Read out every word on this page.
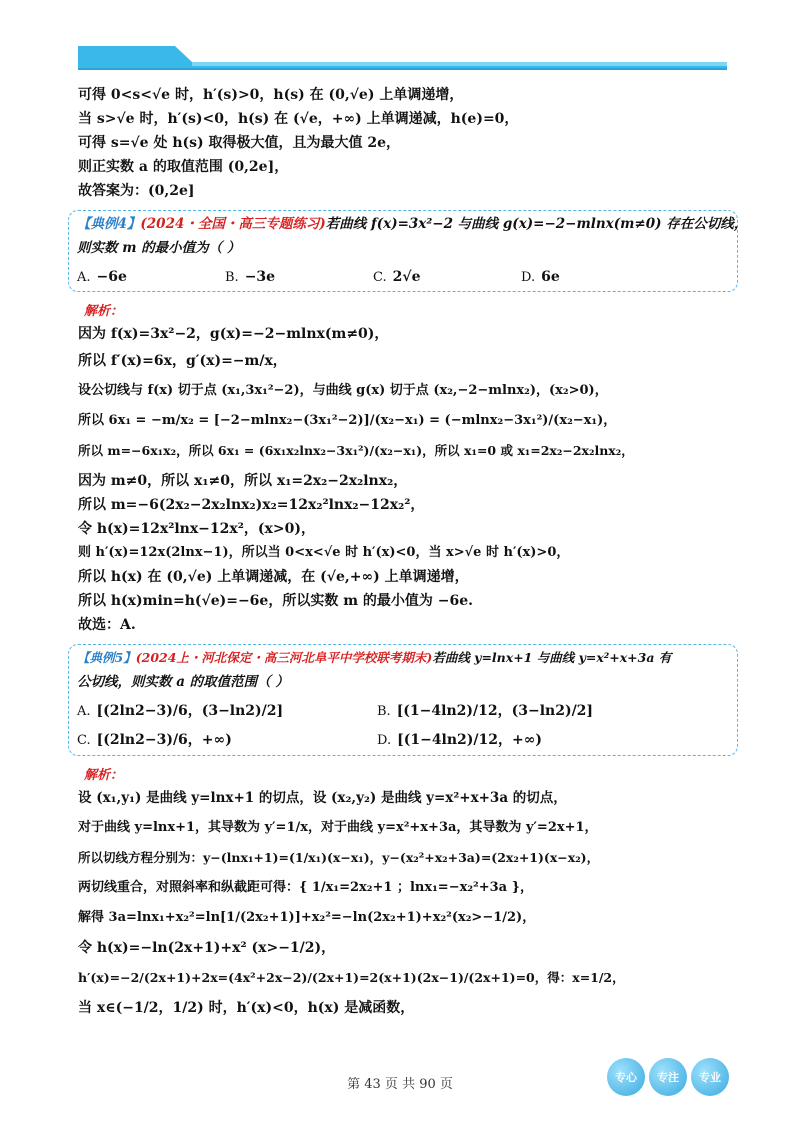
可得 0<s<√e 时，h′(s)>0，h(s) 在 (0,√e) 上单调递增，

当 s>√e 时，h′(s)<0，h(s) 在 (√e，+∞) 上单调递减，h(e)=0，

可得 s=√e 处 h(s) 取得极大值，且为最大值 2e，

则正实数 a 的取值范围 (0,2e]，

故答案为：(0,2e]

【典例4】(2024・全国・高三专题练习)若曲线 f(x)=3x²−2 与曲线 g(x)=−2−mlnx(m≠0) 存在公切线，

则实数 m 的最小值为（ ）

A. −6e	B. −3e	C. 2√e	D. 6e

解析：

因为 f(x)=3x²−2，g(x)=−2−mlnx(m≠0)，

所以 f′(x)=6x，g′(x)=−m/x，

设公切线与 f(x) 切于点 (x₁,3x₁²−2)，与曲线 g(x) 切于点 (x₂,−2−mlnx₂)，(x₂>0)，

所以 6x₁ = −m/x₂ = [−2−mlnx₂−(3x₁²−2)]/(x₂−x₁) = (−mlnx₂−3x₁²)/(x₂−x₁)，

所以 m=−6x₁x₂，所以 6x₁ = (6x₁x₂lnx₂−3x₁²)/(x₂−x₁)，所以 x₁=0 或 x₁=2x₂−2x₂lnx₂，

因为 m≠0，所以 x₁≠0，所以 x₁=2x₂−2x₂lnx₂，

所以 m=−6(2x₂−2x₂lnx₂)x₂=12x₂²lnx₂−12x₂²，

令 h(x)=12x²lnx−12x²，(x>0)，

则 h′(x)=12x(2lnx−1)，所以当 0<x<√e 时 h′(x)<0，当 x>√e 时 h′(x)>0，

所以 h(x) 在 (0,√e) 上单调递减，在 (√e,+∞) 上单调递增，

所以 h(x)min=h(√e)=−6e，所以实数 m 的最小值为 −6e.

故选：A.

【典例5】(2024上・河北保定・高三河北阜平中学校联考期末)若曲线 y=lnx+1 与曲线 y=x²+x+3a 有

公切线，则实数 a 的取值范围（ ）

A. [(2ln2−3)/6，(3−ln2)/2]	B. [(1−4ln2)/12，(3−ln2)/2]
C. [(2ln2−3)/6，+∞)	D. [(1−4ln2)/12，+∞)

解析：

设 (x₁,y₁) 是曲线 y=lnx+1 的切点，设 (x₂,y₂) 是曲线 y=x²+x+3a 的切点，

对于曲线 y=lnx+1，其导数为 y′=1/x，对于曲线 y=x²+x+3a，其导数为 y′=2x+1，

所以切线方程分别为：y−(lnx₁+1)=(1/x₁)(x−x₁)，y−(x₂²+x₂+3a)=(2x₂+1)(x−x₂)，

两切线重合，对照斜率和纵截距可得：{ 1/x₁=2x₂+1 ；lnx₁=−x₂²+3a }，

解得 3a=lnx₁+x₂²=ln[1/(2x₂+1)]+x₂²=−ln(2x₂+1)+x₂²(x₂>−1/2)，

令 h(x)=−ln(2x+1)+x² (x>−1/2)，

h′(x)=−2/(2x+1)+2x=(4x²+2x−2)/(2x+1)=2(x+1)(2x−1)/(2x+1)=0，得：x=1/2，

当 x∈(−1/2，1/2) 时，h′(x)<0，h(x) 是减函数，

第 43 页 共 90 页	专心	专注	专业
